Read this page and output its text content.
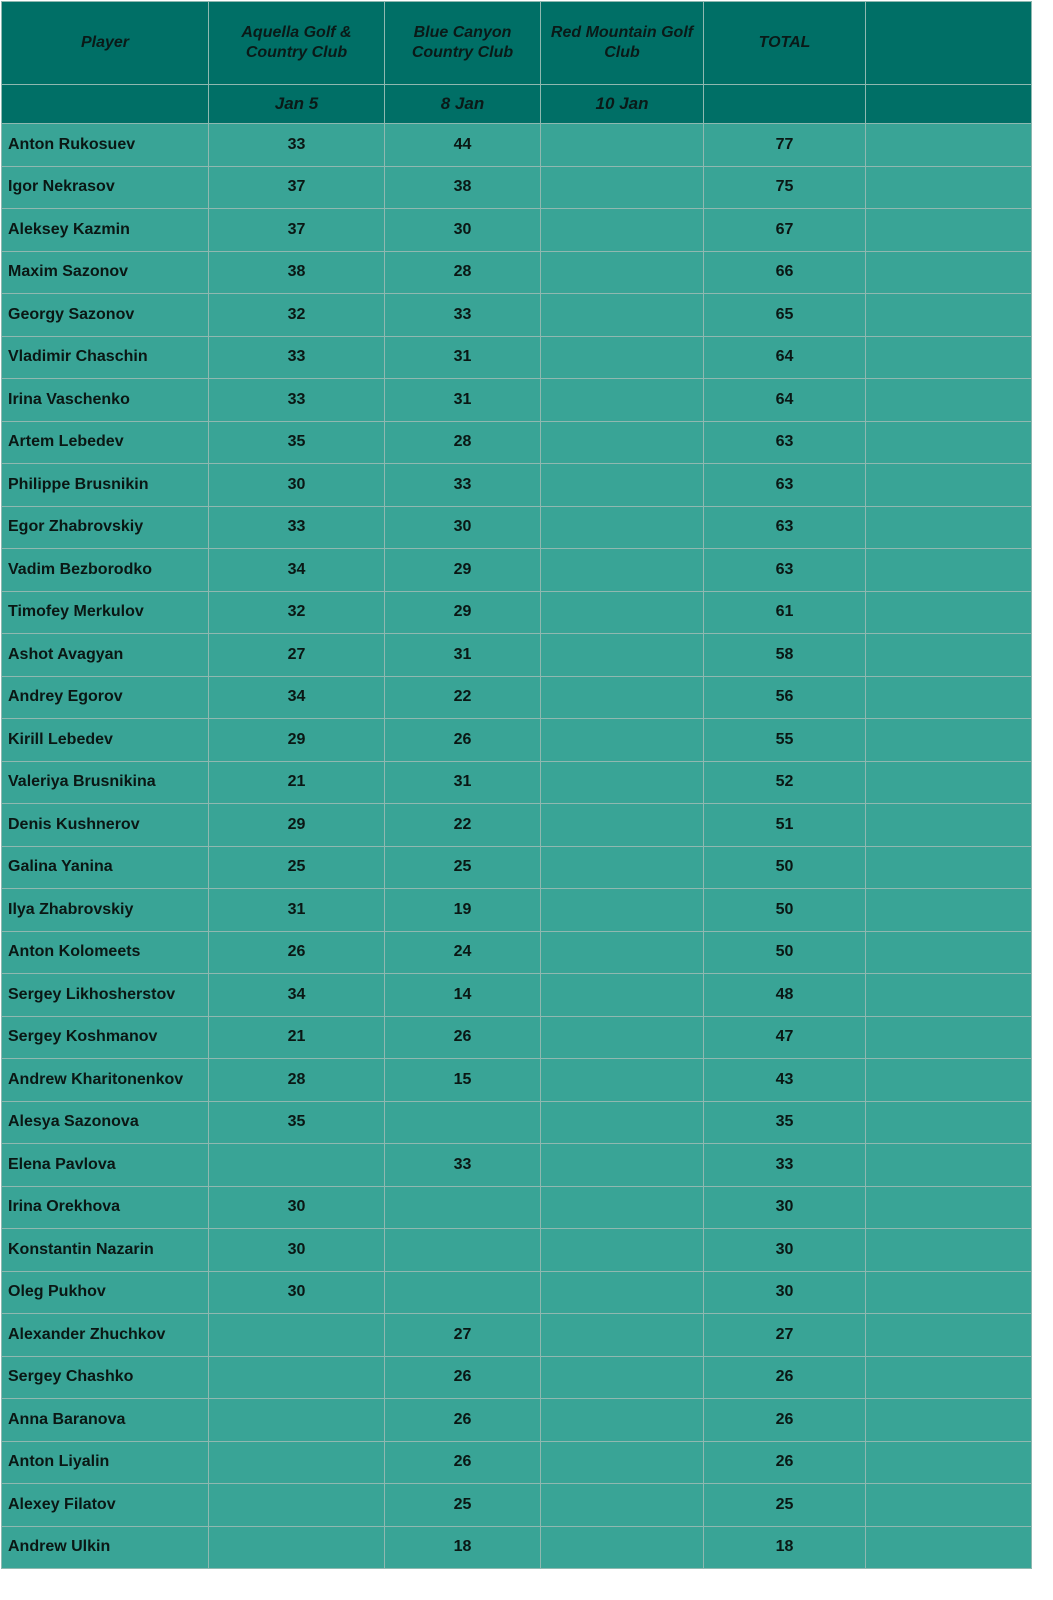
Player	Aquella Golf & Country Club	Blue Canyon Country Club	Red Mountain Golf Club	TOTAL	
	Jan 5	8 Jan	10 Jan		
Anton Rukosuev	33	44		77	
Igor Nekrasov	37	38		75	
Aleksey Kazmin	37	30		67	
Maxim Sazonov	38	28		66	
Georgy Sazonov	32	33		65	
Vladimir Chaschin	33	31		64	
Irina Vaschenko	33	31		64	
Artem Lebedev	35	28		63	
Philippe Brusnikin	30	33		63	
Egor Zhabrovskiy	33	30		63	
Vadim Bezborodko	34	29		63	
Timofey Merkulov	32	29		61	
Ashot Avagyan	27	31		58	
Andrey Egorov	34	22		56	
Kirill Lebedev	29	26		55	
Valeriya Brusnikina	21	31		52	
Denis Kushnerov	29	22		51	
Galina Yanina	25	25		50	
Ilya Zhabrovskiy	31	19		50	
Anton Kolomeets	26	24		50	
Sergey Likhosherstov	34	14		48	
Sergey Koshmanov	21	26		47	
Andrew Kharitonenkov	28	15		43	
Alesya Sazonova	35			35	
Elena Pavlova		33		33	
Irina Orekhova	30			30	
Konstantin Nazarin	30			30	
Oleg Pukhov	30			30	
Alexander Zhuchkov		27		27	
Sergey Chashko		26		26	
Anna Baranova		26		26	
Anton Liyalin		26		26	
Alexey Filatov		25		25	
Andrew Ulkin		18		18	
